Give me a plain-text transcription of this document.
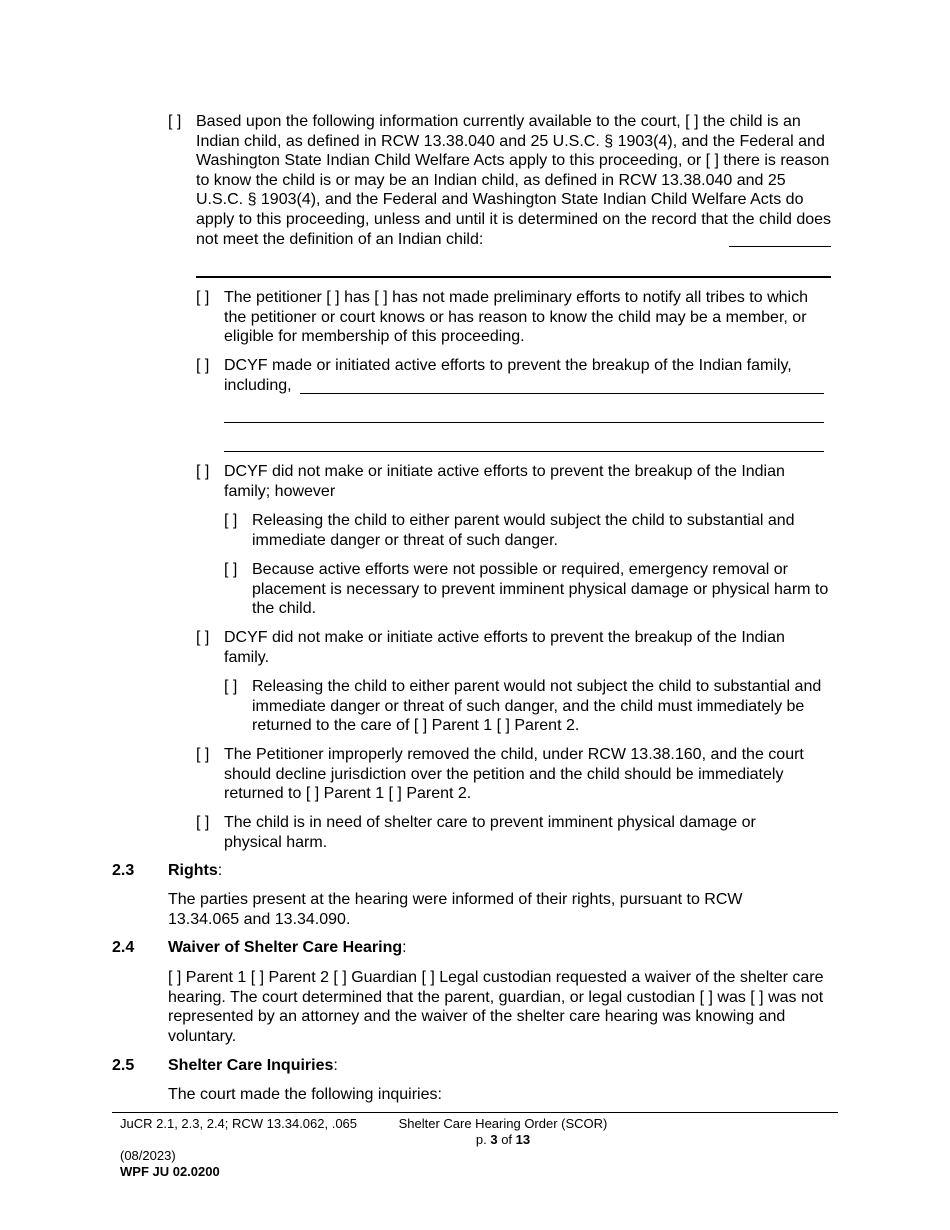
[ ] Based upon the following information currently available to the court, [ ] the child is an Indian child, as defined in RCW 13.38.040 and 25 U.S.C. § 1903(4), and the Federal and Washington State Indian Child Welfare Acts apply to this proceeding, or [ ] there is reason to know the child is or may be an Indian child, as defined in RCW 13.38.040 and 25 U.S.C. § 1903(4), and the Federal and Washington State Indian Child Welfare Acts do apply to this proceeding, unless and until it is determined on the record that the child does not meet the definition of an Indian child:

[ ] The petitioner [ ] has [ ] has not made preliminary efforts to notify all tribes to which the petitioner or court knows or has reason to know the child may be a member, or eligible for membership of this proceeding.

[ ] DCYF made or initiated active efforts to prevent the breakup of the Indian family, including,

[ ] DCYF did not make or initiate active efforts to prevent the breakup of the Indian family; however

[ ] Releasing the child to either parent would subject the child to substantial and immediate danger or threat of such danger.

[ ] Because active efforts were not possible or required, emergency removal or placement is necessary to prevent imminent physical damage or physical harm to the child.

[ ] DCYF did not make or initiate active efforts to prevent the breakup of the Indian family.

[ ] Releasing the child to either parent would not subject the child to substantial and immediate danger or threat of such danger, and the child must immediately be returned to the care of [ ] Parent 1 [ ] Parent 2.

[ ] The Petitioner improperly removed the child, under RCW 13.38.160, and the court should decline jurisdiction over the petition and the child should be immediately returned to [ ] Parent 1 [ ] Parent 2.

[ ] The child is in need of shelter care to prevent imminent physical damage or physical harm.

2.3 Rights:

The parties present at the hearing were informed of their rights, pursuant to RCW 13.34.065 and 13.34.090.

2.4 Waiver of Shelter Care Hearing:

[ ] Parent 1 [ ] Parent 2 [ ] Guardian [ ] Legal custodian requested a waiver of the shelter care hearing. The court determined that the parent, guardian, or legal custodian [ ] was [ ] was not represented by an attorney and the waiver of the shelter care hearing was knowing and voluntary.

2.5 Shelter Care Inquiries:

The court made the following inquiries:

JuCR 2.1, 2.3, 2.4; RCW 13.34.062, .065
(08/2023)
WPF JU 02.0200
Shelter Care Hearing Order (SCOR)
p. 3 of 13
